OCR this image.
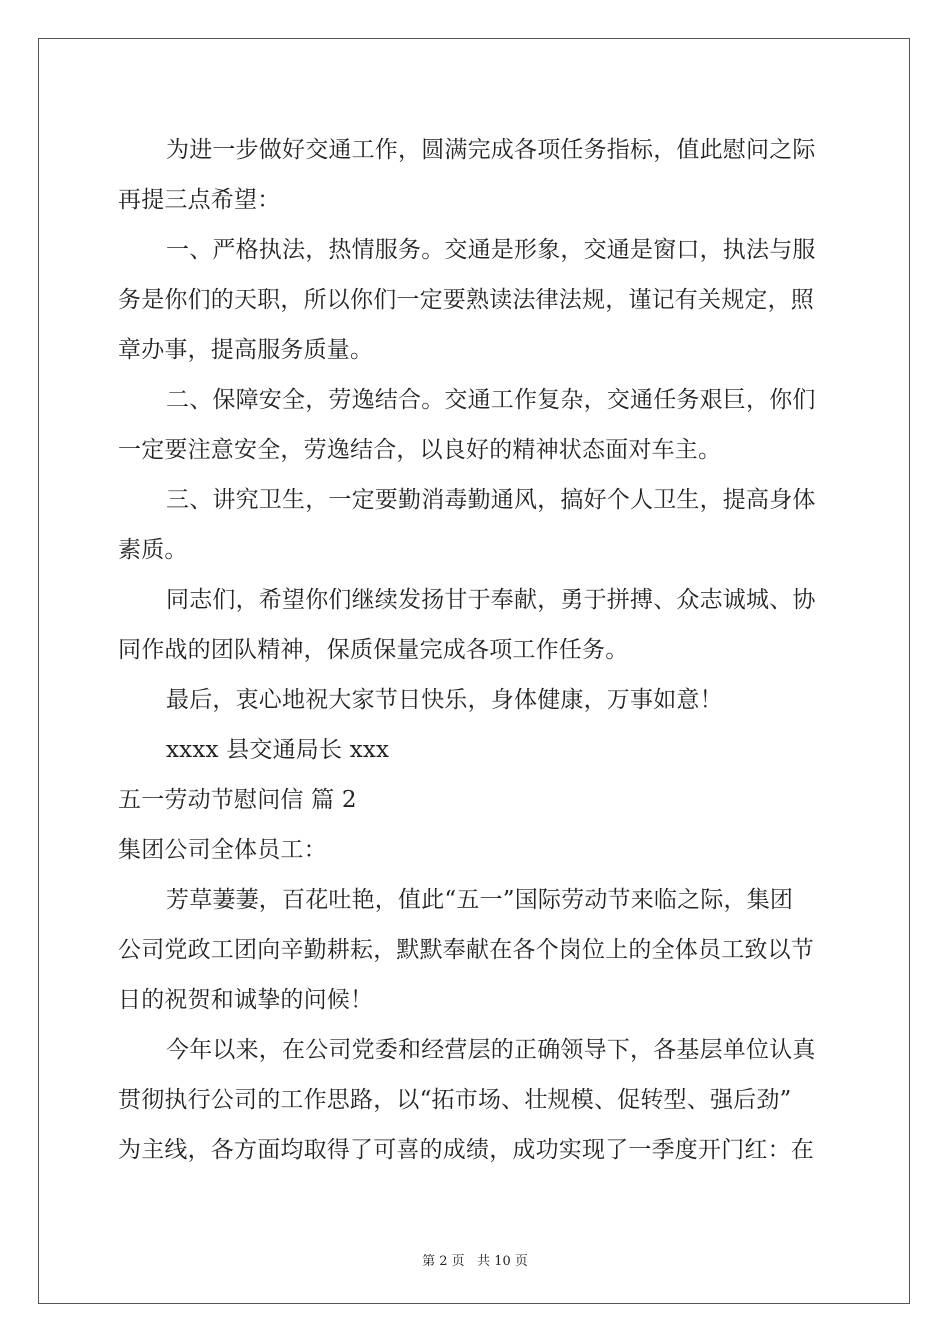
为进一步做好交通工作，圆满完成各项任务指标，值此慰问之际
再提三点希望：
一、严格执法，热情服务。交通是形象，交通是窗口，执法与服
务是你们的天职，所以你们一定要熟读法律法规，谨记有关规定，照
章办事，提高服务质量。
二、保障安全，劳逸结合。交通工作复杂，交通任务艰巨，你们
一定要注意安全，劳逸结合，以良好的精神状态面对车主。
三、讲究卫生，一定要勤消毒勤通风，搞好个人卫生，提高身体
素质。
同志们，希望你们继续发扬甘于奉献，勇于拼搏、众志诚城、协
同作战的团队精神，保质保量完成各项工作任务。
最后，衷心地祝大家节日快乐，身体健康，万事如意！
xxxx 县交通局长 xxx
五一劳动节慰问信 篇 2
集团公司全体员工：
芳草萋萋，百花吐艳，值此“五一”国际劳动节来临之际，集团
公司党政工团向辛勤耕耘，默默奉献在各个岗位上的全体员工致以节
日的祝贺和诚挚的问候！
今年以来，在公司党委和经营层的正确领导下，各基层单位认真
贯彻执行公司的工作思路，以“拓市场、壮规模、促转型、强后劲”
为主线，各方面均取得了可喜的成绩，成功实现了一季度开门红：在
第 2 页   共 10 页
